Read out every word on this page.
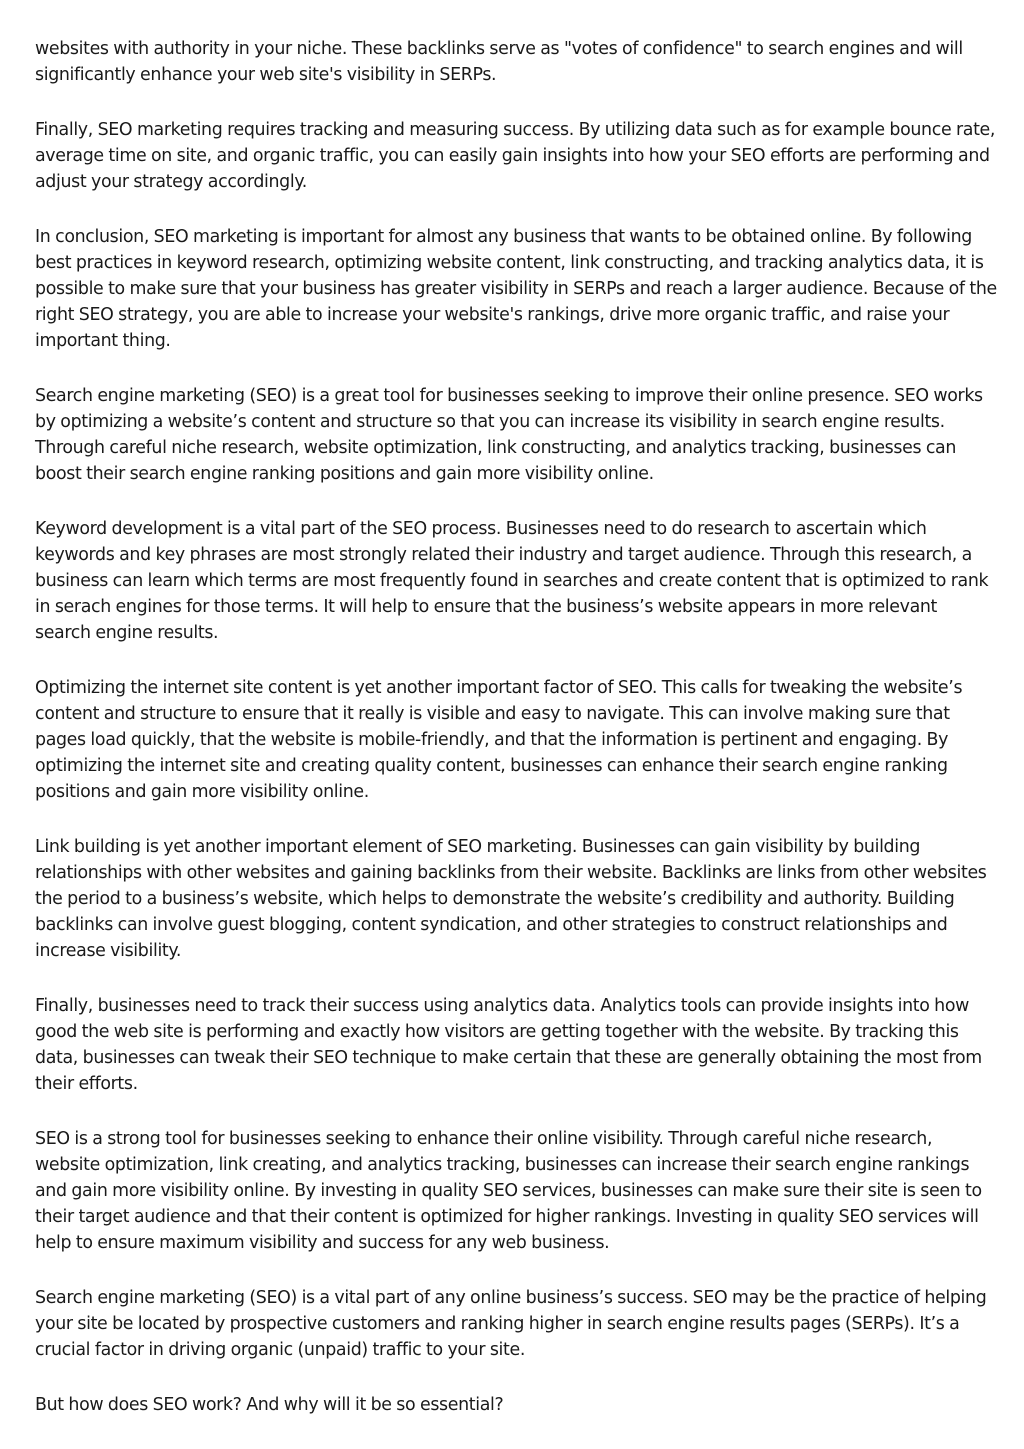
websites with authority in your niche. These backlinks serve as "votes of confidence" to search engines and will significantly enhance your web site's visibility in SERPs.

Finally, SEO marketing requires tracking and measuring success. By utilizing data such as for example bounce rate, average time on site, and organic traffic, you can easily gain insights into how your SEO efforts are performing and adjust your strategy accordingly.

In conclusion, SEO marketing is important for almost any business that wants to be obtained online. By following best practices in keyword research, optimizing website content, link constructing, and tracking analytics data, it is possible to make sure that your business has greater visibility in SERPs and reach a larger audience. Because of the right SEO strategy, you are able to increase your website's rankings, drive more organic traffic, and raise your important thing.

Search engine marketing (SEO) is a great tool for businesses seeking to improve their online presence. SEO works by optimizing a website’s content and structure so that you can increase its visibility in search engine results. Through careful niche research, website optimization, link constructing, and analytics tracking, businesses can boost their search engine ranking positions and gain more visibility online.

Keyword development is a vital part of the SEO process. Businesses need to do research to ascertain which keywords and key phrases are most strongly related their industry and target audience. Through this research, a business can learn which terms are most frequently found in searches and create content that is optimized to rank in serach engines for those terms. It will help to ensure that the business’s website appears in more relevant search engine results.

Optimizing the internet site content is yet another important factor of SEO. This calls for tweaking the website’s content and structure to ensure that it really is visible and easy to navigate. This can involve making sure that pages load quickly, that the website is mobile-friendly, and that the information is pertinent and engaging. By optimizing the internet site and creating quality content, businesses can enhance their search engine ranking positions and gain more visibility online.

Link building is yet another important element of SEO marketing. Businesses can gain visibility by building relationships with other websites and gaining backlinks from their website. Backlinks are links from other websites the period to a business’s website, which helps to demonstrate the website’s credibility and authority. Building backlinks can involve guest blogging, content syndication, and other strategies to construct relationships and increase visibility.

Finally, businesses need to track their success using analytics data. Analytics tools can provide insights into how good the web site is performing and exactly how visitors are getting together with the website. By tracking this data, businesses can tweak their SEO technique to make certain that these are generally obtaining the most from their efforts.

SEO is a strong tool for businesses seeking to enhance their online visibility. Through careful niche research, website optimization, link creating, and analytics tracking, businesses can increase their search engine rankings and gain more visibility online. By investing in quality SEO services, businesses can make sure their site is seen to their target audience and that their content is optimized for higher rankings. Investing in quality SEO services will help to ensure maximum visibility and success for any web business.

Search engine marketing (SEO) is a vital part of any online business’s success. SEO may be the practice of helping your site be located by prospective customers and ranking higher in search engine results pages (SERPs). It’s a crucial factor in driving organic (unpaid) traffic to your site.

But how does SEO work? And why will it be so essential?
